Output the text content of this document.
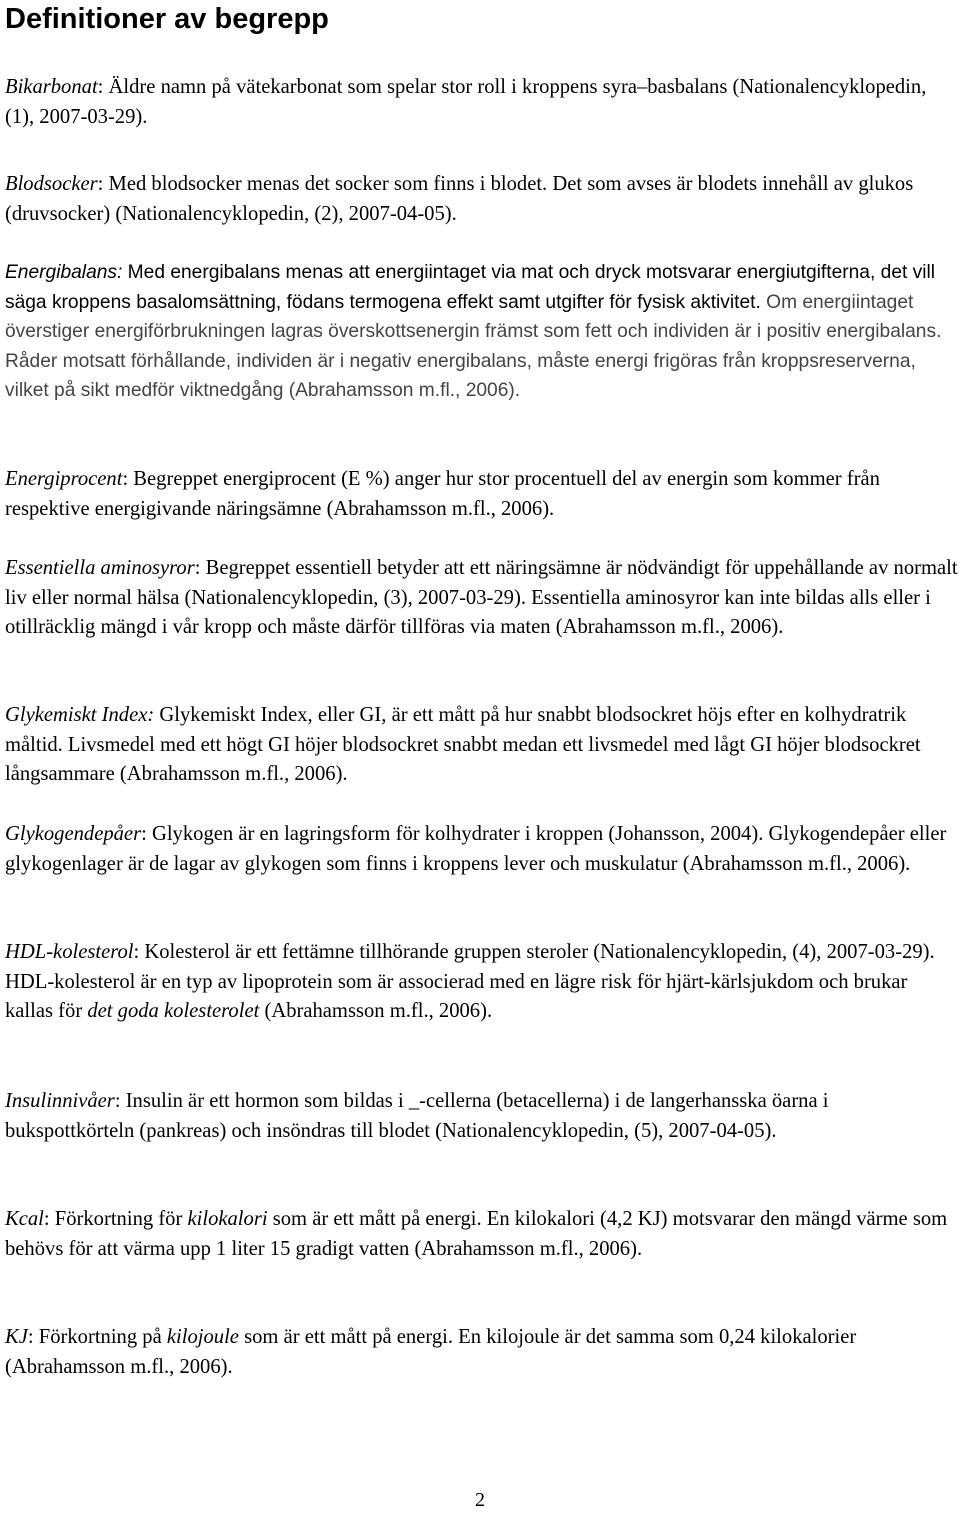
Definitioner av begrepp

Bikarbonat: Äldre namn på vätekarbonat som spelar stor roll i kroppens syra–basbalans (Nationalencyklopedin, (1), 2007-03-29).

Blodsocker: Med blodsocker menas det socker som finns i blodet. Det som avses är blodets innehåll av glukos (druvsocker) (Nationalencyklopedin, (2), 2007-04-05).

Energibalans: Med energibalans menas att energiintaget via mat och dryck motsvarar energiutgifterna, det vill säga kroppens basalomsättning, födans termogena effekt samt utgifter för fysisk aktivitet. Om energiintaget överstiger energiförbrukningen lagras överskottsenergin främst som fett och individen är i positiv energibalans. Råder motsatt förhållande, individen är i negativ energibalans, måste energi frigöras från kroppsreserverna, vilket på sikt medför viktnedgång (Abrahamsson m.fl., 2006).

Energiprocent: Begreppet energiprocent (E %) anger hur stor procentuell del av energin som kommer från respektive energigivande näringsämne (Abrahamsson m.fl., 2006).

Essentiella aminosyror: Begreppet essentiell betyder att ett näringsämne är nödvändigt för uppehållande av normalt liv eller normal hälsa (Nationalencyklopedin, (3), 2007-03-29). Essentiella aminosyror kan inte bildas alls eller i otillräcklig mängd i vår kropp och måste därför tillföras via maten (Abrahamsson m.fl., 2006).

Glykemiskt Index: Glykemiskt Index, eller GI, är ett mått på hur snabbt blodsockret höjs efter en kolhydratrik måltid. Livsmedel med ett högt GI höjer blodsockret snabbt medan ett livsmedel med lågt GI höjer blodsockret långsammare (Abrahamsson m.fl., 2006).

Glykogendepåer: Glykogen är en lagringsform för kolhydrater i kroppen (Johansson, 2004). Glykogendepåer eller glykogenlager är de lagar av glykogen som finns i kroppens lever och muskulatur (Abrahamsson m.fl., 2006).

HDL-kolesterol: Kolesterol är ett fettämne tillhörande gruppen steroler (Nationalencyklopedin, (4), 2007-03-29). HDL-kolesterol är en typ av lipoprotein som är associerad med en lägre risk för hjärt-kärlsjukdom och brukar kallas för det goda kolesterolet (Abrahamsson m.fl., 2006).

Insulinnivåer: Insulin är ett hormon som bildas i _-cellerna (betacellerna) i de langerhansska öarna i bukspottkörteln (pankreas) och insöndras till blodet (Nationalencyklopedin, (5), 2007-04-05).

Kcal: Förkortning för kilokalori som är ett mått på energi. En kilokalori (4,2 KJ) motsvarar den mängd värme som behövs för att värma upp 1 liter 15 gradigt vatten (Abrahamsson m.fl., 2006).

KJ: Förkortning på kilojoule som är ett mått på energi. En kilojoule är det samma som 0,24 kilokalorier (Abrahamsson m.fl., 2006).

2
